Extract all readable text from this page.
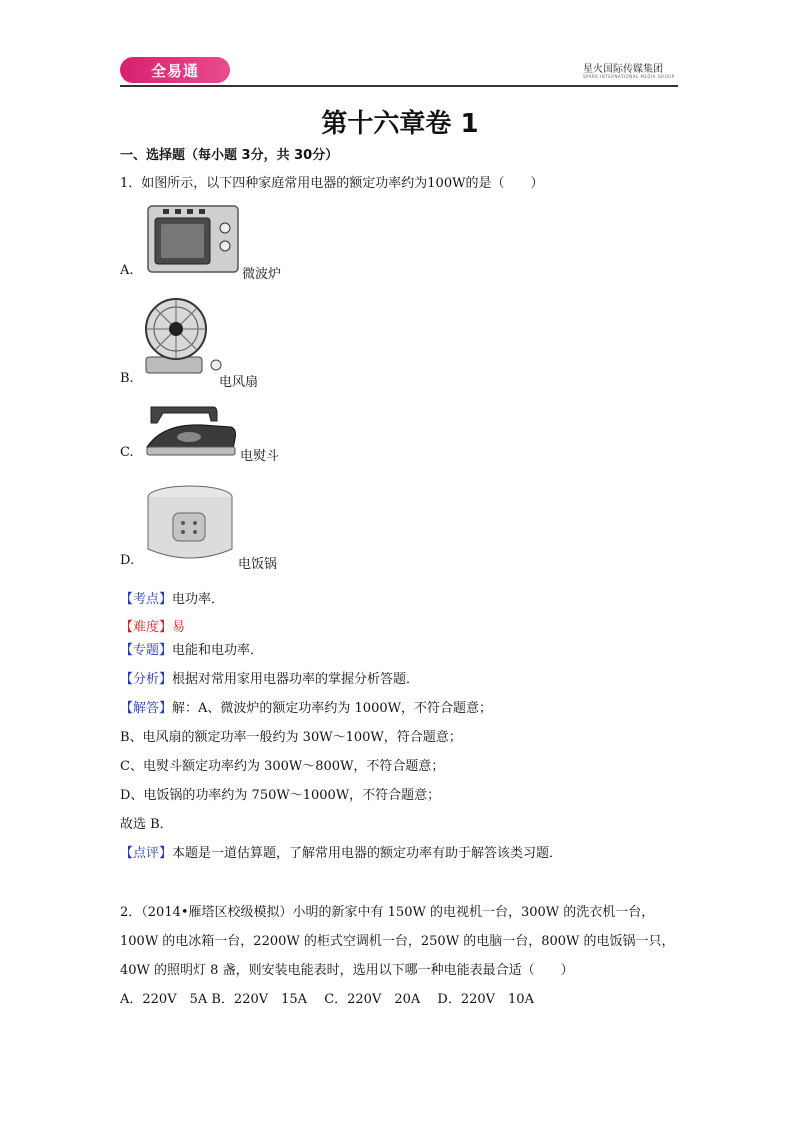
全易通	星火国际传媒集团
SPARK INTERNATIONAL MEDIA GROUP
第十六章卷 1
一、选择题（每小题 3分，共 30分）
1．如图所示，以下四种家庭常用电器的额定功率约为100W的是（　　）
A.	微波炉
B.	电风扇
C.	电熨斗
D.	电饭锅
【考点】电功率．
【难度】易
【专题】电能和电功率．
【分析】根据对常用家用电器功率的掌握分析答题．
【解答】解：A、微波炉的额定功率约为 1000W，不符合题意；
B、电风扇的额定功率一般约为 30W～100W，符合题意；
C、电熨斗额定功率约为 300W～800W，不符合题意；
D、电饭锅的功率约为 750W～1000W，不符合题意；
故选 B．
【点评】本题是一道估算题，了解常用电器的额定功率有助于解答该类习题．
2．（2014•雁塔区校级模拟）小明的新家中有 150W 的电视机一台，300W 的洗衣机一台，
100W 的电冰箱一台，2200W 的柜式空调机一台，250W 的电脑一台，800W 的电饭锅一只，
40W 的照明灯 8 盏，则安装电能表时，选用以下哪一种电能表最合适（　　）
A．220V　5A B．220V　15A　 C．220V　20A　 D．220V　10A
